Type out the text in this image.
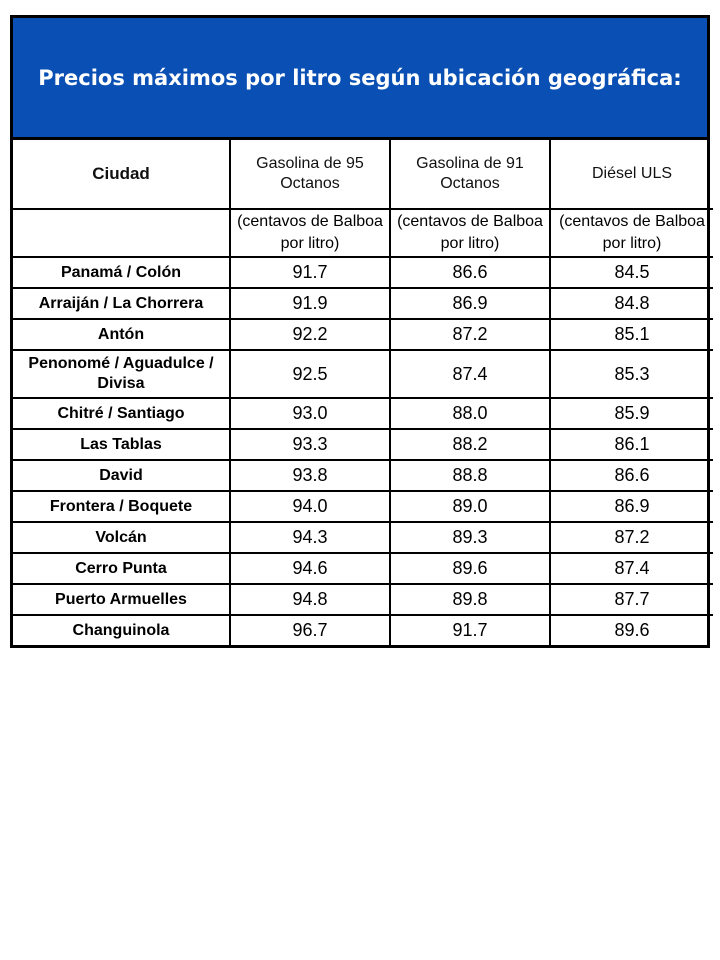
Precios máximos por litro según ubicación geográfica:
Ciudad	Gasolina de 95 Octanos	Gasolina de 91 Octanos	Diésel ULS
	(centavos de Balboa por litro)	(centavos de Balboa por litro)	(centavos de Balboa por litro)
Panamá / Colón	91.7	86.6	84.5
Arraiján / La Chorrera	91.9	86.9	84.8
Antón	92.2	87.2	85.1
Penonomé / Aguadulce / Divisa	92.5	87.4	85.3
Chitré / Santiago	93.0	88.0	85.9
Las Tablas	93.3	88.2	86.1
David	93.8	88.8	86.6
Frontera / Boquete	94.0	89.0	86.9
Volcán	94.3	89.3	87.2
Cerro Punta	94.6	89.6	87.4
Puerto Armuelles	94.8	89.8	87.7
Changuinola	96.7	91.7	89.6
